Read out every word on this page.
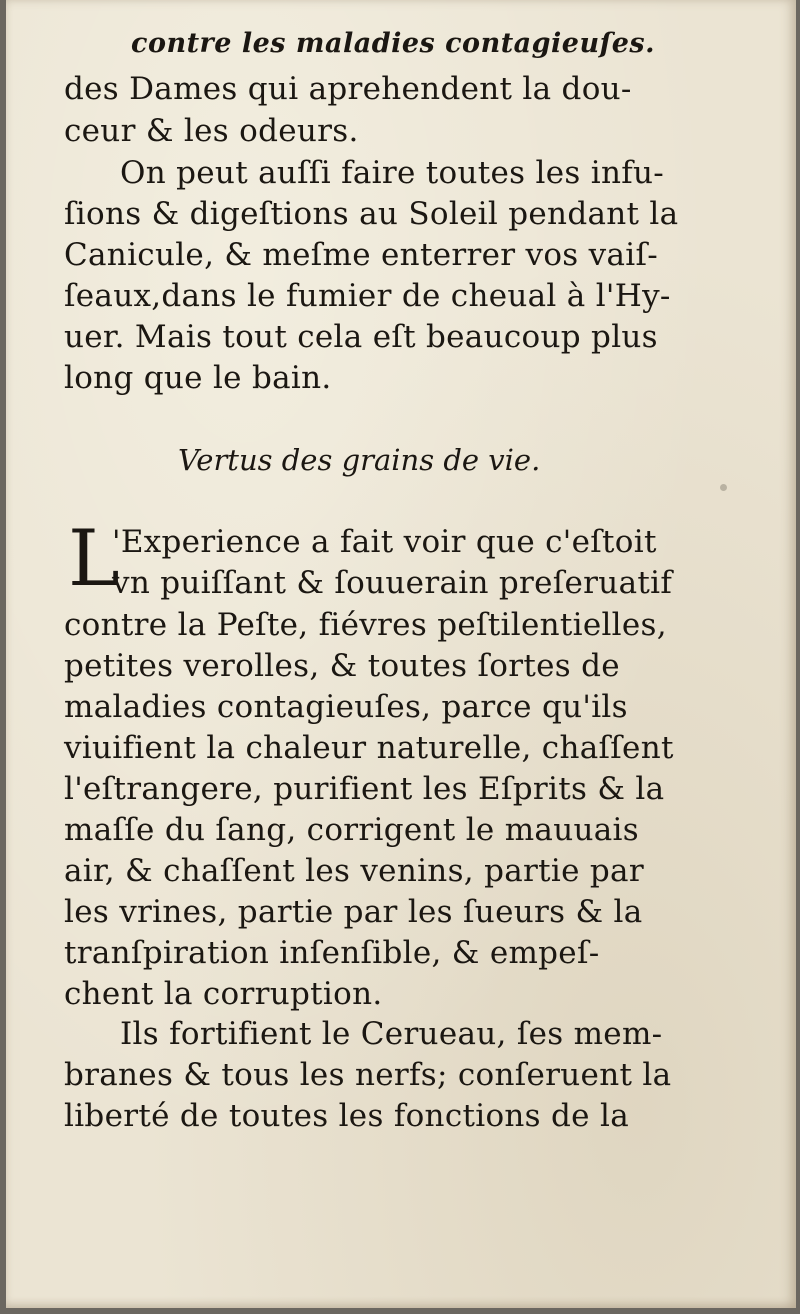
contre les maladies contagieuſes.
des Dames qui aprehendent la dou-
ceur & les odeurs.
On peut auſſi faire toutes les infu-
ſions & digeſtions au Soleil pendant la
Canicule, & meſme enterrer vos vaiſ-
ſeaux,dans le fumier de cheual à l'Hy-
uer. Mais tout cela eſt beaucoup plus
long que le bain.
Vertus des grains de vie.
L
'Experience a fait voir que c'eſtoit
vn puiſſant & ſouuerain preſeruatif
contre la Peſte, fiévres peſtilentielles,
petites verolles, & toutes ſortes de
maladies contagieuſes, parce qu'ils
viuifient la chaleur naturelle, chaſſent
l'eſtrangere, purifient les Eſprits & la
maſſe du ſang, corrigent le mauuais
air, & chaſſent les venins, partie par
les vrines, partie par les ſueurs & la
tranſpiration inſenſible, & empeſ-
chent la corruption.
Ils fortifient le Cerueau, ſes mem-
branes & tous les nerfs; conſeruent la
liberté de toutes les fonctions de la
